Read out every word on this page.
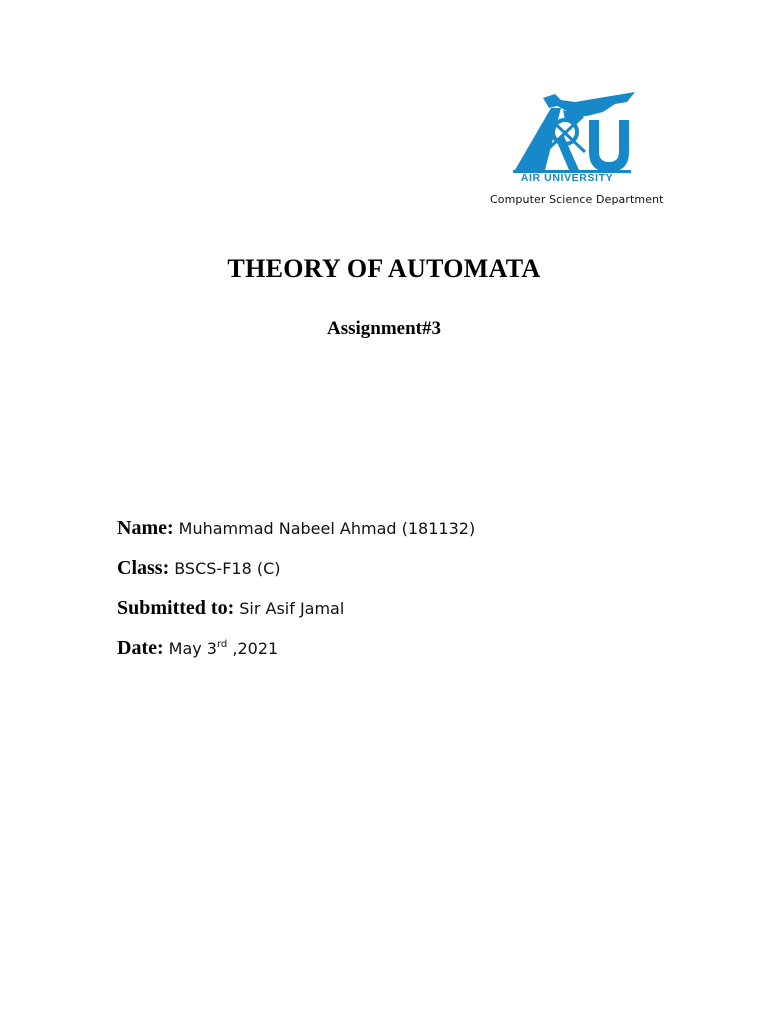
AIR UNIVERSITY
Computer Science Department
THEORY OF AUTOMATA
Assignment#3
Name: Muhammad Nabeel Ahmad (181132)
Class: BSCS-F18 (C)
Submitted to: Sir Asif Jamal
Date: May 3rd ,2021
